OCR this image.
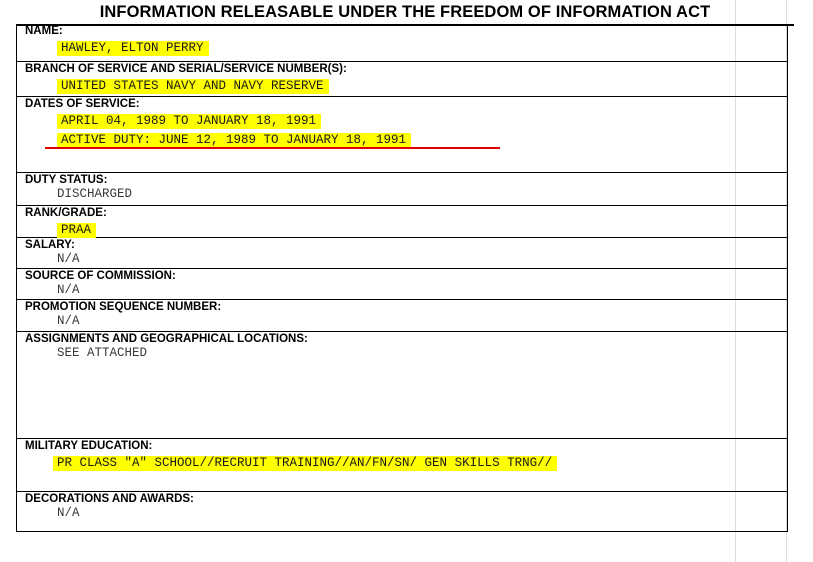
INFORMATION RELEASABLE UNDER THE FREEDOM OF INFORMATION ACT
NAME:
HAWLEY, ELTON PERRY
BRANCH OF SERVICE AND SERIAL/SERVICE NUMBER(S):
UNITED STATES NAVY AND NAVY RESERVE
DATES OF SERVICE:
APRIL 04, 1989 TO JANUARY 18, 1991
ACTIVE DUTY: JUNE 12, 1989 TO JANUARY 18, 1991
DUTY STATUS:
DISCHARGED
RANK/GRADE:
PRAA
SALARY:
N/A
SOURCE OF COMMISSION:
N/A
PROMOTION SEQUENCE NUMBER:
N/A
ASSIGNMENTS AND GEOGRAPHICAL LOCATIONS:
SEE ATTACHED
MILITARY EDUCATION:
PR CLASS "A" SCHOOL//RECRUIT TRAINING//AN/FN/SN/ GEN SKILLS TRNG//
DECORATIONS AND AWARDS:
N/A
